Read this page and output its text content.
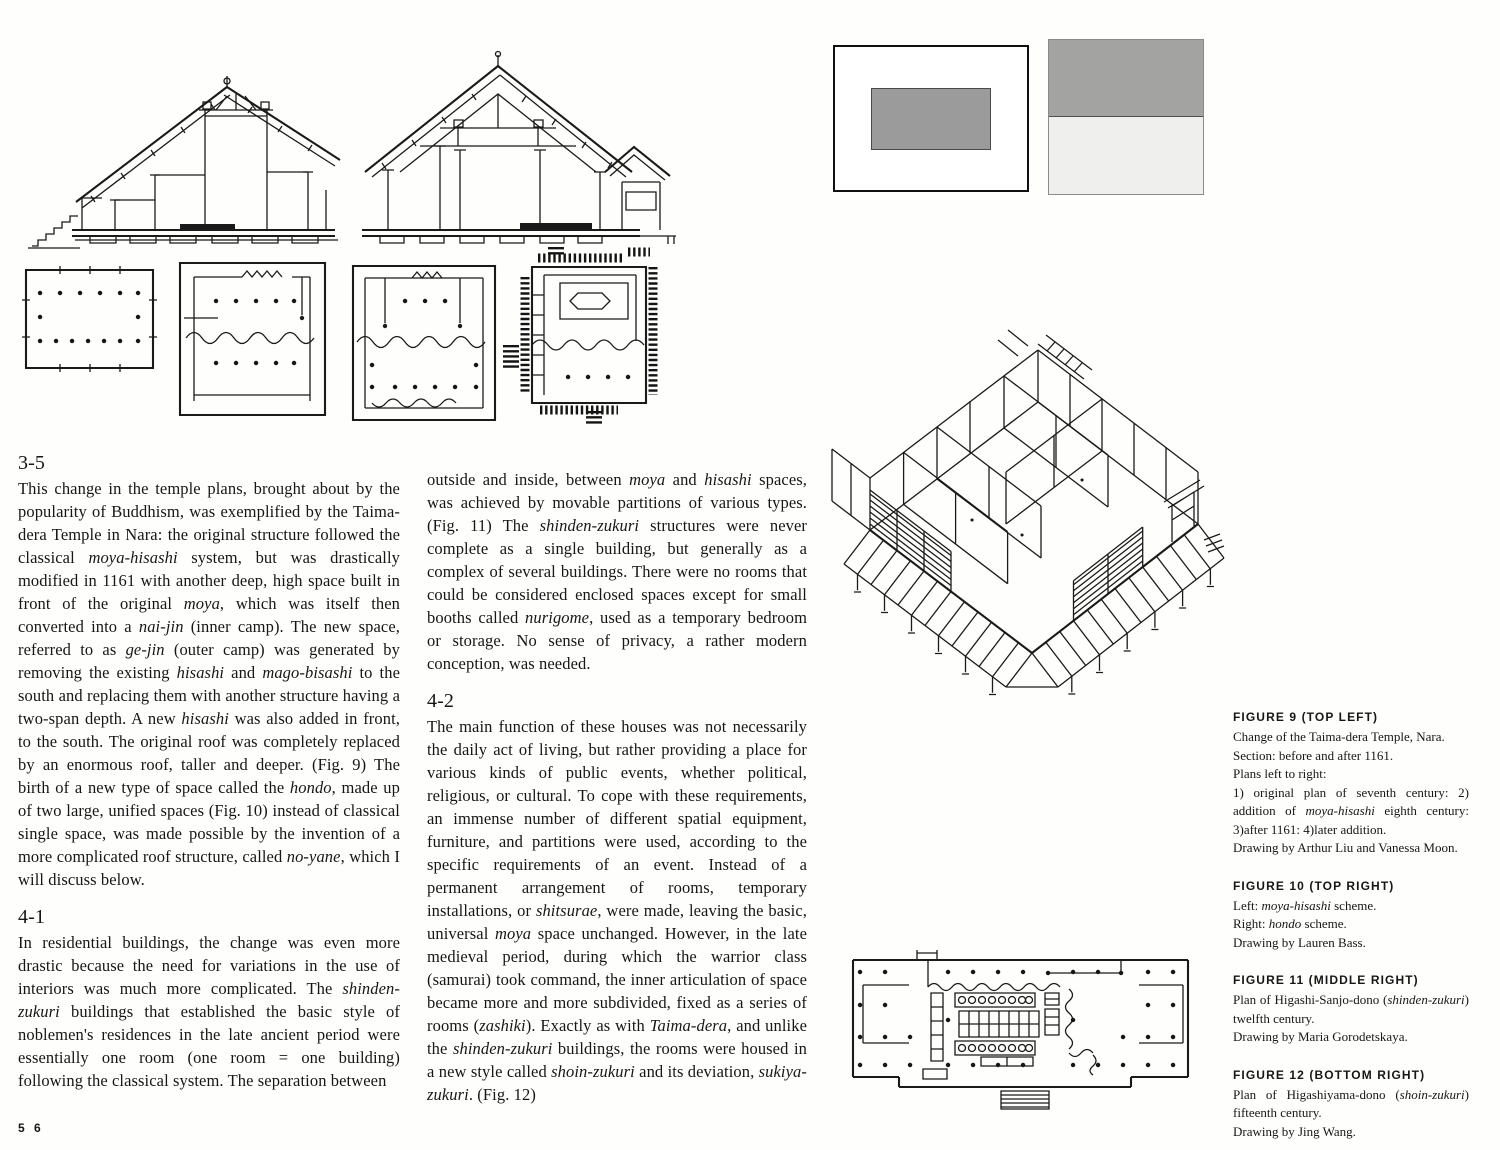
3-5

This change in the temple plans, brought about by the popularity of Buddhism, was exemplified by the Taima-dera Temple in Nara: the original structure followed the classical moya-hisashi system, but was drastically modified in 1161 with another deep, high space built in front of the original moya, which was itself then converted into a nai-jin (inner camp). The new space, referred to as ge-jin (outer camp) was generated by removing the existing hisashi and mago-bisashi to the south and replacing them with another structure having a two-span depth. A new hisashi was also added in front, to the south. The original roof was completely replaced by an enormous roof, taller and deeper. (Fig. 9) The birth of a new type of space called the hondo, made up of two large, unified spaces (Fig. 10) instead of classical single space, was made possible by the invention of a more complicated roof structure, called no-yane, which I will discuss below.

4-1

In residential buildings, the change was even more drastic because the need for variations in the use of interiors was much more complicated. The shinden-zukuri buildings that established the basic style of noblemen's residences in the late ancient period were essentially one room (one room = one building) following the classical system. The separation between

outside and inside, between moya and hisashi spaces, was achieved by movable partitions of various types. (Fig. 11) The shinden-zukuri structures were never complete as a single building, but generally as a complex of several buildings. There were no rooms that could be considered enclosed spaces except for small booths called nurigome, used as a temporary bedroom or storage. No sense of privacy, a rather modern conception, was needed.

4-2

The main function of these houses was not necessarily the daily act of living, but rather providing a place for various kinds of public events, whether political, religious, or cultural. To cope with these requirements, an immense number of different spatial equipment, furniture, and partitions were used, according to the specific requirements of an event. Instead of a permanent arrangement of rooms, temporary installations, or shitsurae, were made, leaving the basic, universal moya space unchanged. However, in the late medieval period, during which the warrior class (samurai) took command, the inner articulation of space became more and more subdivided, fixed as a series of rooms (zashiki). Exactly as with Taima-dera, and unlike the shinden-zukuri buildings, the rooms were housed in a new style called shoin-zukuri and its deviation, sukiya-zukuri. (Fig. 12)

FIGURE 9 (TOP LEFT)
Change of the Taima-dera Temple, Nara.
Section: before and after 1161.
Plans left to right:
1) original plan of seventh century: 2) addition of moya-hisashi eighth century: 3)after 1161: 4)later addition.
Drawing by Arthur Liu and Vanessa Moon.
FIGURE 10 (TOP RIGHT)
Left: moya-hisashi scheme.
Right: hondo scheme.
Drawing by Lauren Bass.
FIGURE 11 (MIDDLE RIGHT)
Plan of Higashi-Sanjo-dono (shinden-zukuri) twelfth century.
Drawing by Maria Gorodetskaya.
FIGURE 12 (BOTTOM RIGHT)
Plan of Higashiyama-dono (shoin-zukuri) fifteenth century.
Drawing by Jing Wang.
5 6
